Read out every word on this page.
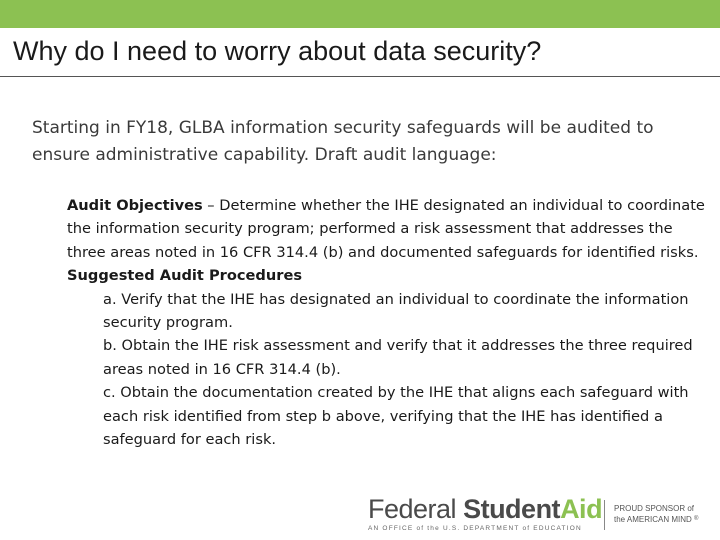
Why do I need to worry about data security?
Starting in FY18, GLBA information security safeguards will be audited to ensure administrative capability. Draft audit language:
Audit Objectives – Determine whether the IHE designated an individual to coordinate the information security program; performed a risk assessment that addresses the three areas noted in 16 CFR 314.4 (b) and documented safeguards for identified risks.
Suggested Audit Procedures
a. Verify that the IHE has designated an individual to coordinate the information security program.
b. Obtain the IHE risk assessment and verify that it addresses the three required areas noted in 16 CFR 314.4 (b).
c. Obtain the documentation created by the IHE that aligns each safeguard with each risk identified from step b above, verifying that the IHE has identified a safeguard for each risk.
Federal StudentAid
AN OFFICE of the U.S. DEPARTMENT of EDUCATION
PROUD SPONSOR of
the AMERICAN MIND ®
